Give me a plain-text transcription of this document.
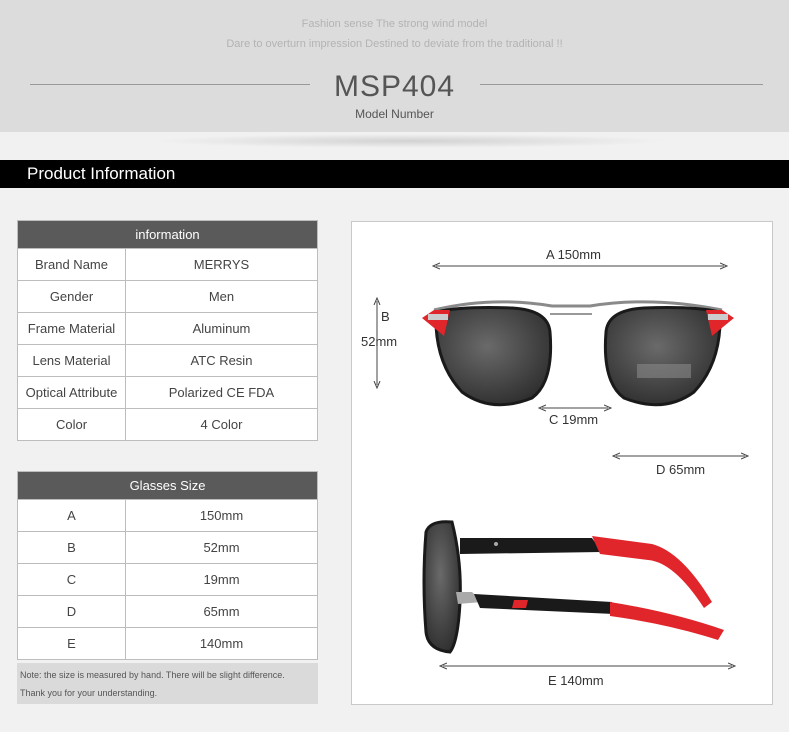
Fashion sense The strong wind model
Dare to overturn impression Destined to deviate from the traditional !!
MSP404
Model Number
Product Information
information	
Brand Name	MERRYS
Gender	Men
Frame Material	Aluminum
Lens Material	ATC Resin
Optical Attribute	Polarized CE FDA
Color	4 Color
Glasses Size	
A	150mm
B	52mm
C	19mm
D	65mm
E	140mm
Note: the size is measured by hand. There will be slight difference.
Thank you for your understanding.
A 150mm
B
52mm
C 19mm
D 65mm
E 140mm
